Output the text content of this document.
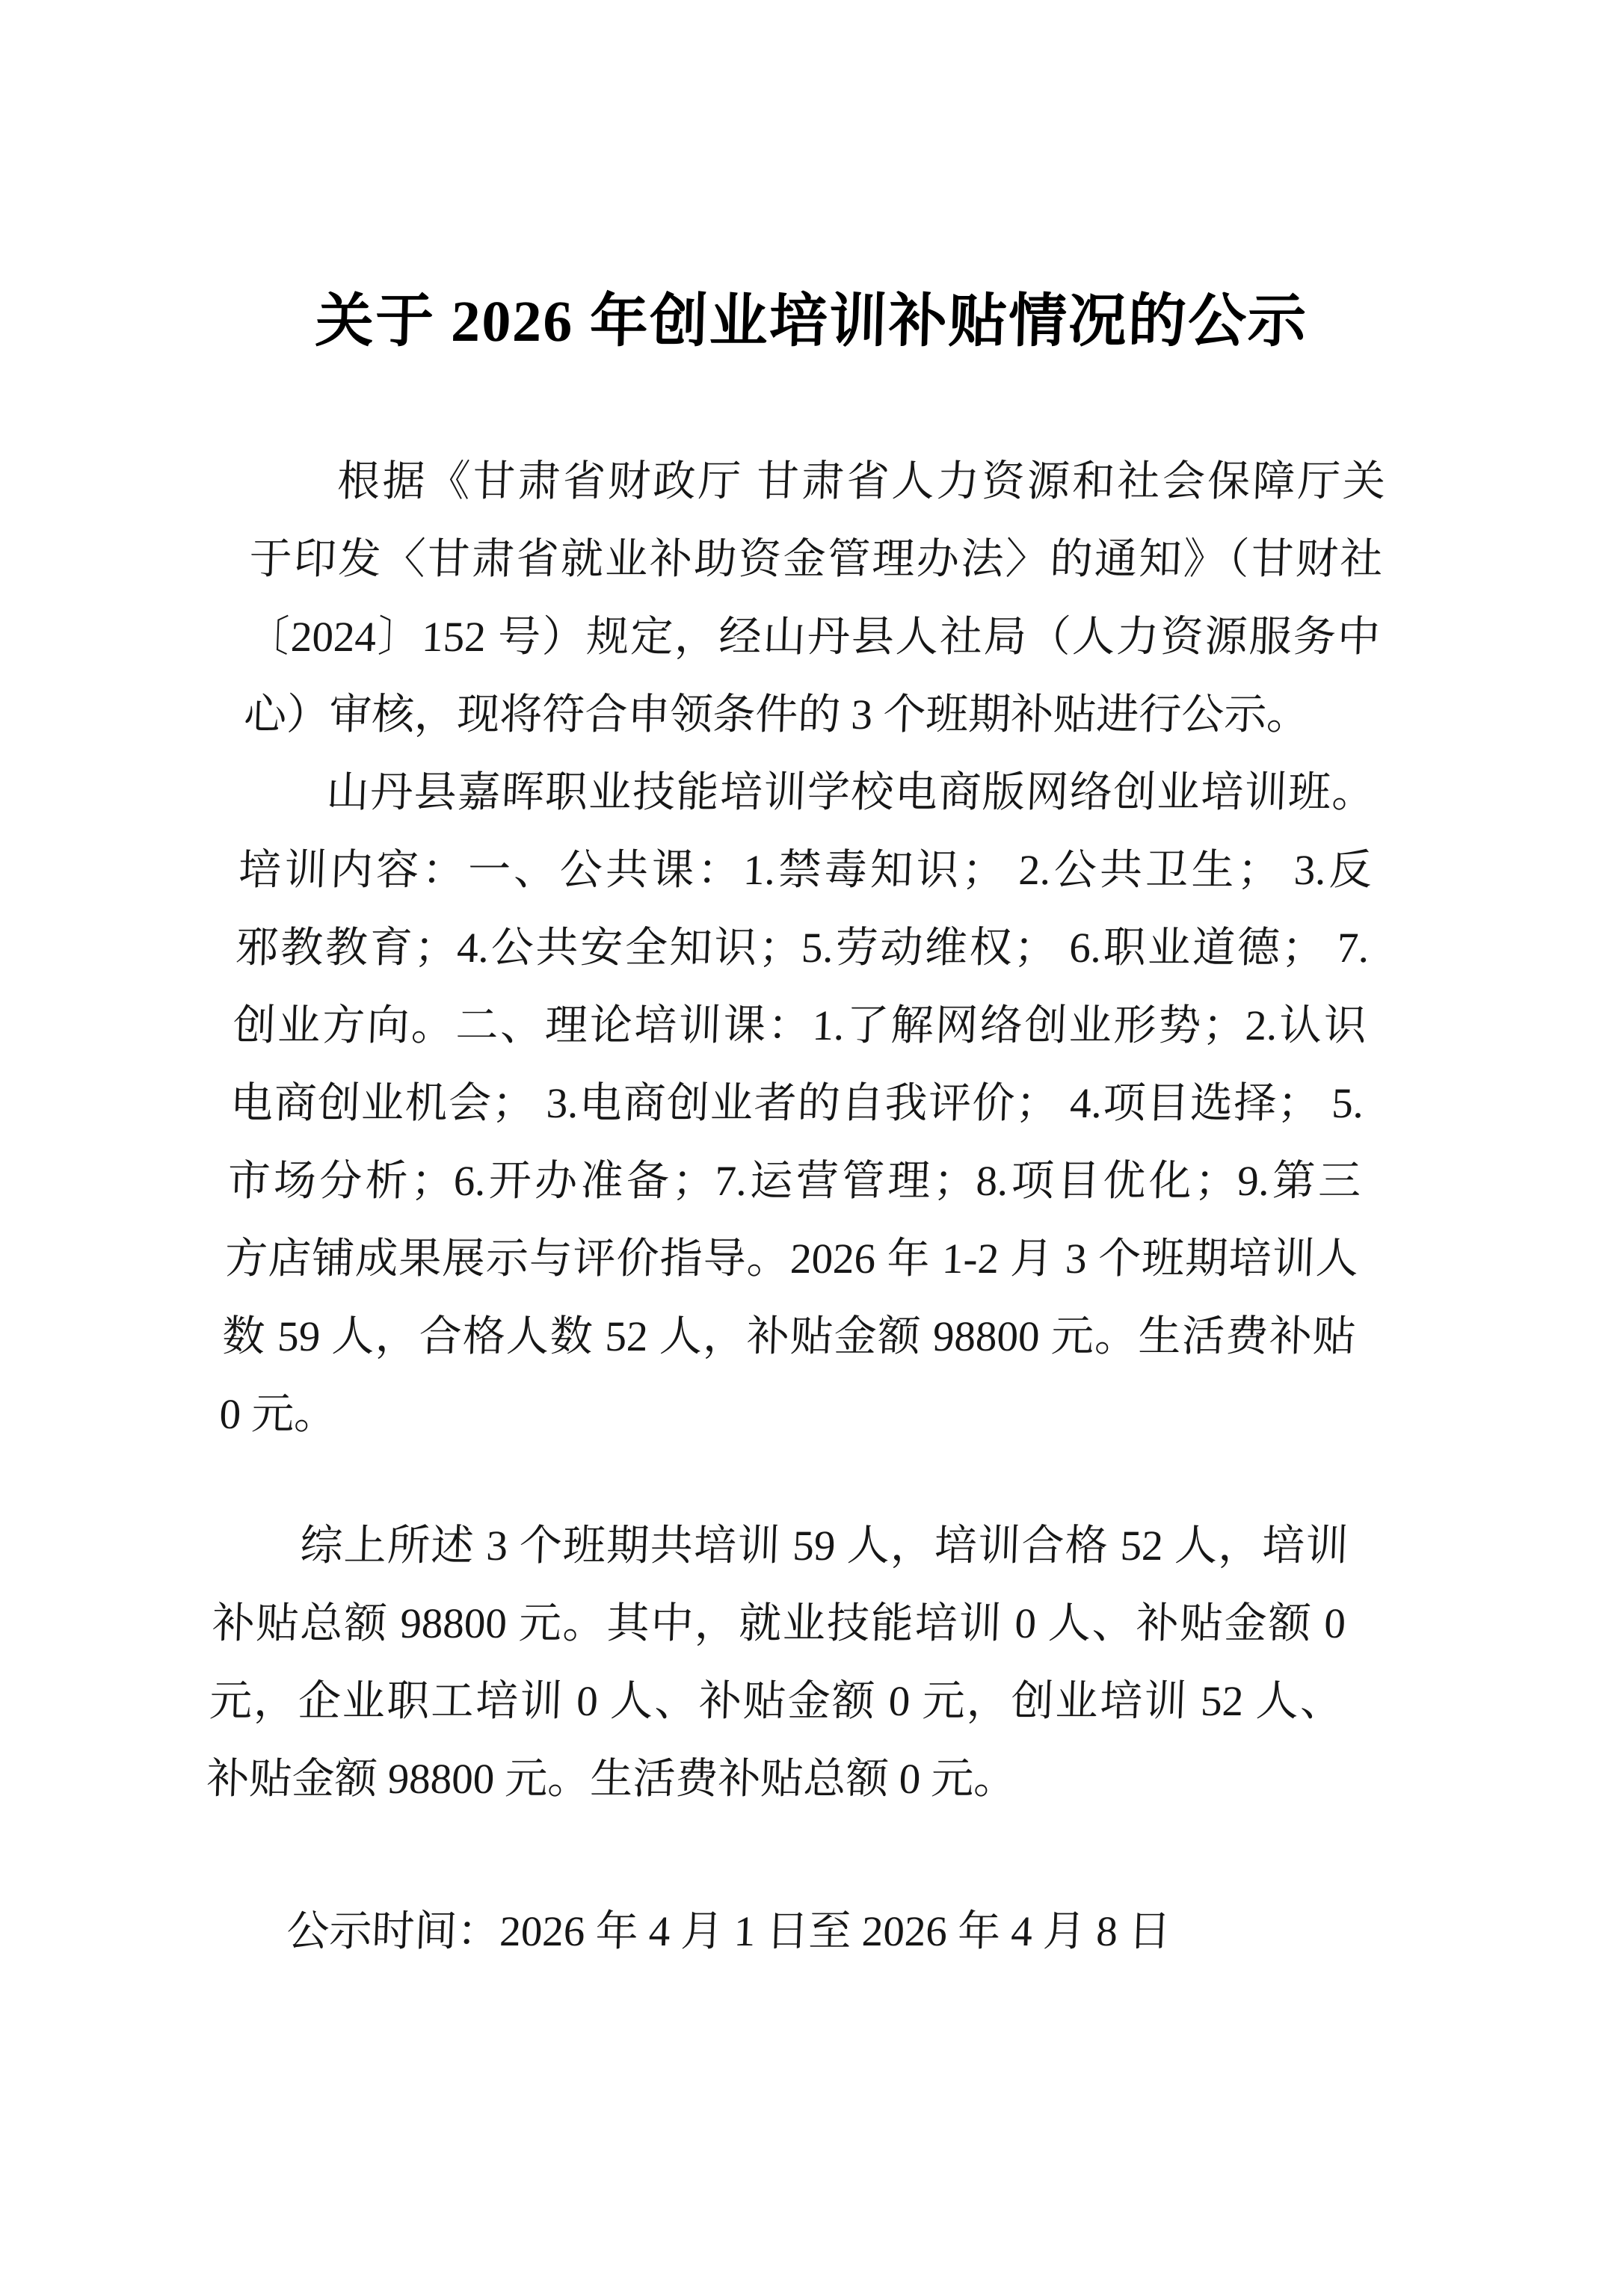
关于 2026 年创业培训补贴情况的公示
根据《甘肃省财政厅 甘肃省人力资源和社会保障厅关
于印发〈甘肃省就业补助资金管理办法〉的通知》（甘财社
〔2024〕152 号）规定，经山丹县人社局（人力资源服务中
心）审核，现将符合申领条件的 3 个班期补贴进行公示。
山丹县嘉晖职业技能培训学校电商版网络创业培训班。
培训内容：一、公共课：1.禁毒知识； 2.公共卫生； 3.反
邪教教育；4.公共安全知识；5.劳动维权； 6.职业道德； 7.
创业方向。二、理论培训课：1.了解网络创业形势；2.认识
电商创业机会； 3.电商创业者的自我评价； 4.项目选择； 5.
市场分析；6.开办准备；7.运营管理；8.项目优化；9.第三
方店铺成果展示与评价指导。2026 年 1-2 月 3 个班期培训人
数 59 人，合格人数 52 人，补贴金额 98800 元。生活费补贴
0 元。
综上所述 3 个班期共培训 59 人，培训合格 52 人，培训
补贴总额 98800 元。其中，就业技能培训 0 人、补贴金额 0
元，企业职工培训 0 人、补贴金额 0 元，创业培训 52 人、
补贴金额 98800 元。生活费补贴总额 0 元。
公示时间：2026 年 4 月 1 日至 2026 年 4 月 8 日
